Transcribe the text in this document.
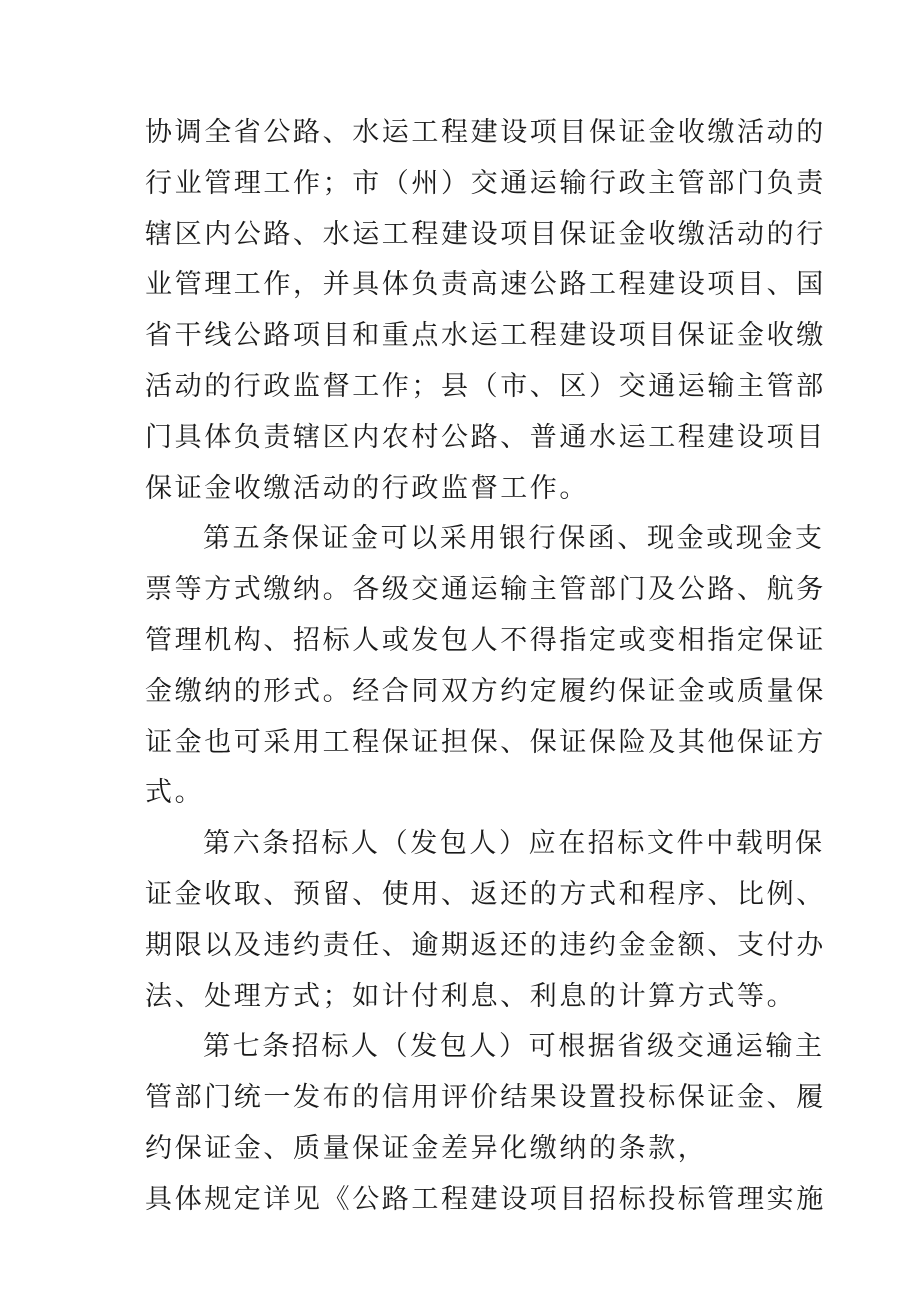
协调全省公路、水运工程建设项目保证金收缴活动的
行业管理工作；市（州）交通运输行政主管部门负责
辖区内公路、水运工程建设项目保证金收缴活动的行
业管理工作，并具体负责高速公路工程建设项目、国
省干线公路项目和重点水运工程建设项目保证金收缴
活动的行政监督工作；县（市、区）交通运输主管部
门具体负责辖区内农村公路、普通水运工程建设项目
保证金收缴活动的行政监督工作。
第五条保证金可以采用银行保函、现金或现金支
票等方式缴纳。各级交通运输主管部门及公路、航务
管理机构、招标人或发包人不得指定或变相指定保证
金缴纳的形式。经合同双方约定履约保证金或质量保
证金也可采用工程保证担保、保证保险及其他保证方
式。
第六条招标人（发包人）应在招标文件中载明保
证金收取、预留、使用、返还的方式和程序、比例、
期限以及违约责任、逾期返还的违约金金额、支付办
法、处理方式；如计付利息、利息的计算方式等。
第七条招标人（发包人）可根据省级交通运输主
管部门统一发布的信用评价结果设置投标保证金、履
约保证金、质量保证金差异化缴纳的条款，
具体规定详见《公路工程建设项目招标投标管理实施
